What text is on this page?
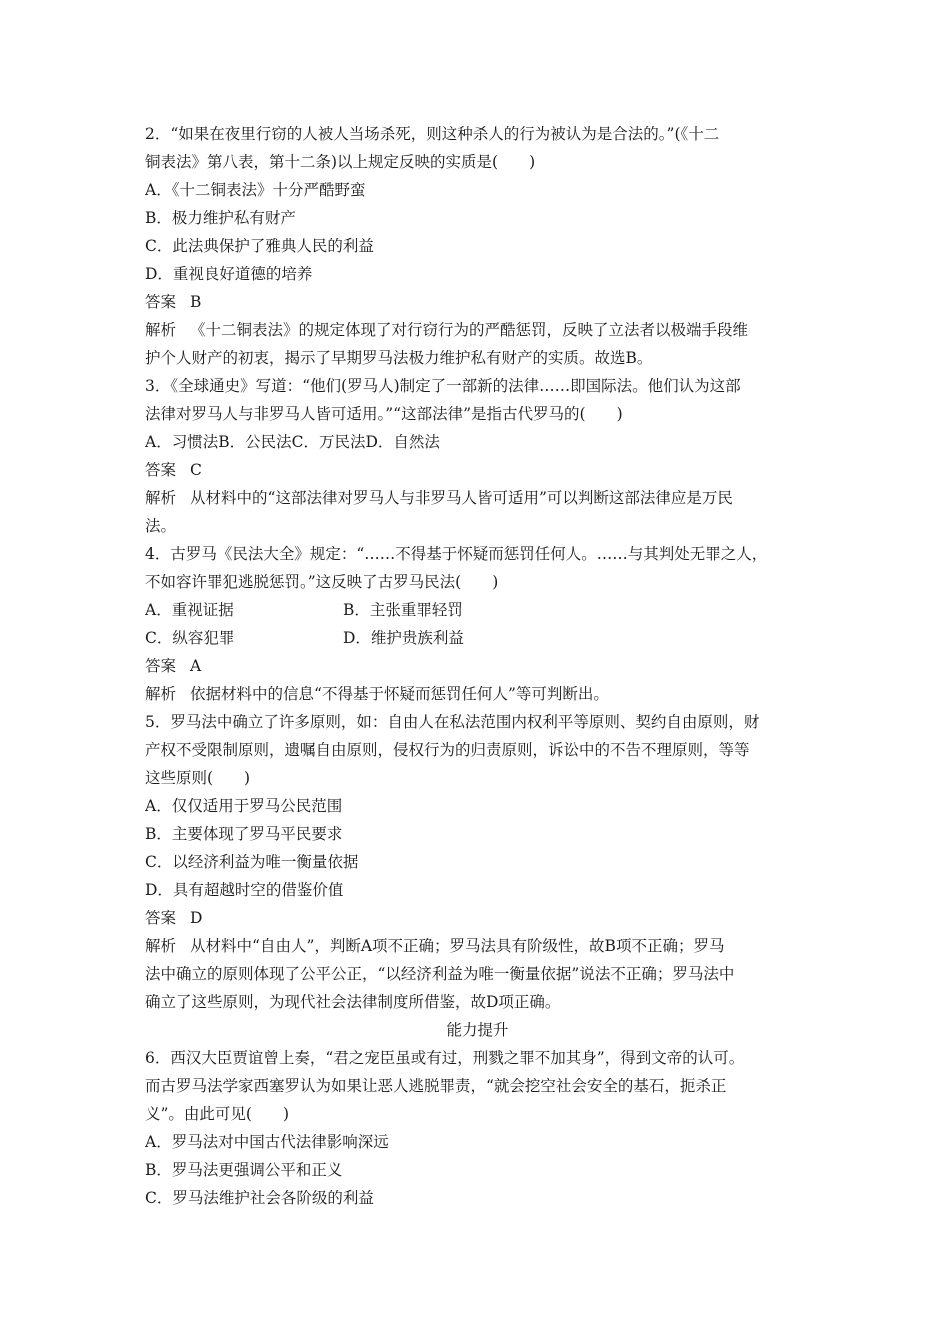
2．“如果在夜里行窃的人被人当场杀死，则这种杀人的行为被认为是合法的。”(《十二
铜表法》第八表，第十二条)以上规定反映的实质是(　　)
A．《十二铜表法》十分严酷野蛮
B．极力维护私有财产
C．此法典保护了雅典人民的利益
D．重视良好道德的培养
答案 B
解析 《十二铜表法》的规定体现了对行窃行为的严酷惩罚，反映了立法者以极端手段维
护个人财产的初衷，揭示了早期罗马法极力维护私有财产的实质。故选B。
3．《全球通史》写道：“他们(罗马人)制定了一部新的法律……即国际法。他们认为这部
法律对罗马人与非罗马人皆可适用。”“这部法律”是指古代罗马的(　　)
A．习惯法B．公民法C．万民法D．自然法
答案 C
解析 从材料中的“这部法律对罗马人与非罗马人皆可适用”可以判断这部法律应是万民
法。
4．古罗马《民法大全》规定：“……不得基于怀疑而惩罚任何人。……与其判处无罪之人，
不如容许罪犯逃脱惩罚。”这反映了古罗马民法(　　)
A．重视证据	B．主张重罪轻罚
C．纵容犯罪	D．维护贵族利益
答案 A
解析 依据材料中的信息“不得基于怀疑而惩罚任何人”等可判断出。
5．罗马法中确立了许多原则，如：自由人在私法范围内权利平等原则、契约自由原则，财
产权不受限制原则，遗嘱自由原则，侵权行为的归责原则，诉讼中的不告不理原则，等等
这些原则(　　)
A．仅仅适用于罗马公民范围
B．主要体现了罗马平民要求
C．以经济利益为唯一衡量依据
D．具有超越时空的借鉴价值
答案 D
解析 从材料中“自由人”，判断A项不正确；罗马法具有阶级性，故B项不正确；罗马
法中确立的原则体现了公平公正，“以经济利益为唯一衡量依据”说法不正确；罗马法中
确立了这些原则，为现代社会法律制度所借鉴，故D项正确。
能力提升
6．西汉大臣贾谊曾上奏，“君之宠臣虽或有过，刑戮之罪不加其身”，得到文帝的认可。
而古罗马法学家西塞罗认为如果让恶人逃脱罪责，“就会挖空社会安全的基石，扼杀正
义”。由此可见(　　)
A．罗马法对中国古代法律影响深远
B．罗马法更强调公平和正义
C．罗马法维护社会各阶级的利益
